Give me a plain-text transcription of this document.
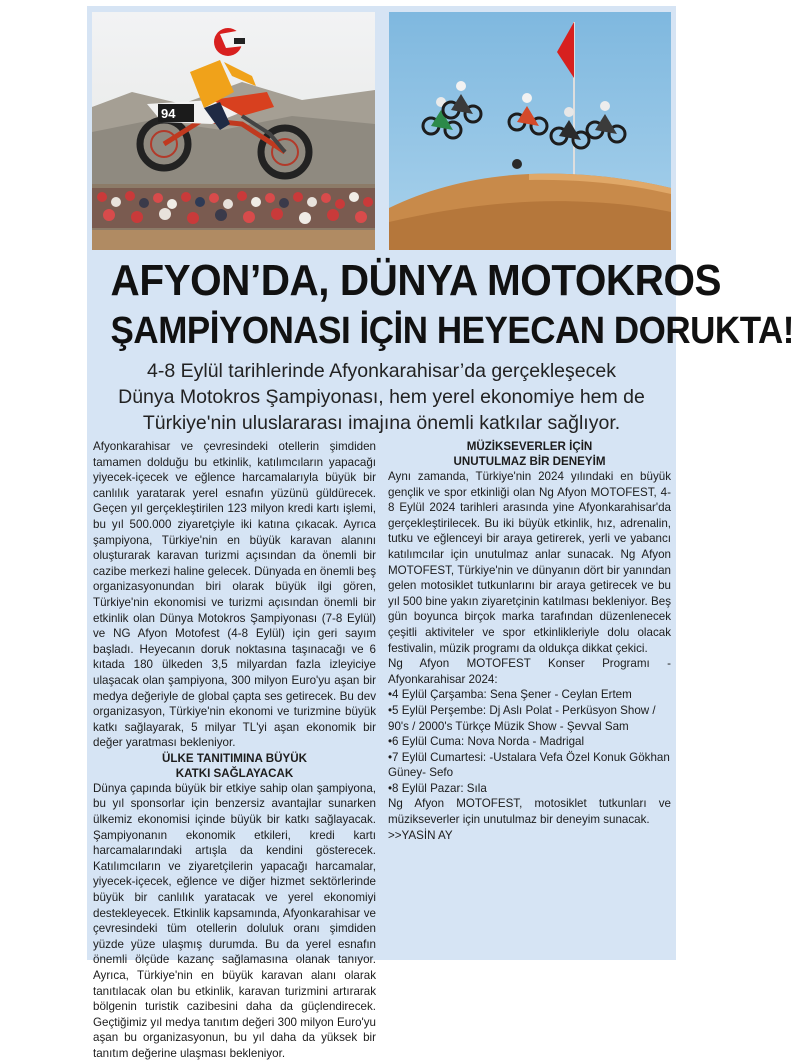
94
AFYON’DA, DÜNYA MOTOKROS
ŞAMPİYONASI İÇİN HEYECAN DORUKTA!
4-8 Eylül tarihlerinde Afyonkarahisar’da gerçekleşecek
Dünya Motokros Şampiyonası, hem yerel ekonomiye hem de
Türkiye'nin uluslararası imajına önemli katkılar sağlıyor.

Afyonkarahisar ve çevresindeki otellerin şimdiden tamamen dolduğu bu etkinlik, katılımcıların yapacağı yiyecek-içecek ve eğlence harcamalarıyla büyük bir canlılık yaratarak yerel esnafın yüzünü güldürecek. Geçen yıl gerçekleştirilen 123 milyon kredi kartı işlemi, bu yıl 500.000 ziyaretçiyle iki katına çıkacak. Ayrıca şampiyona, Türkiye'nin en büyük karavan alanını oluşturarak karavan turizmi açısından da önemli bir cazibe merkezi haline gelecek. Dünyada en önemli beş organizasyonundan biri olarak büyük ilgi gören, Türkiye'nin ekonomisi ve turizmi açısından önemli bir etkinlik olan Dünya Motokros Şampiyonası (7-8 Eylül) ve NG Afyon Motofest (4-8 Eylül) için geri sayım başladı. Heyecanın doruk noktasına taşınacağı ve 6 kıtada 180 ülkeden 3,5 milyardan fazla izleyiciye ulaşacak olan şampiyona, 300 milyon Euro'yu aşan bir medya değeriyle de global çapta ses getirecek. Bu dev organizasyon, Türkiye'nin ekonomi ve turizmine büyük katkı sağlayarak, 5 milyar TL'yi aşan ekonomik bir değer yaratması bekleniyor.

ÜLKE TANITIMINA BÜYÜK
KATKI SAĞLAYACAK

Dünya çapında büyük bir etkiye sahip olan şampiyona, bu yıl sponsorlar için benzersiz avantajlar sunarken ülkemiz ekonomisi içinde büyük bir katkı sağlayacak. Şampiyonanın ekonomik etkileri, kredi kartı harcamalarındaki artışla da kendini gösterecek. Katılımcıların ve ziyaretçilerin yapacağı harcamalar, yiyecek-içecek, eğlence ve diğer hizmet sektörlerinde büyük bir canlılık yaratacak ve yerel ekonomiyi destekleyecek. Etkinlik kapsamında, Afyonkarahisar ve çevresindeki tüm otellerin doluluk oranı şimdiden yüzde yüze ulaşmış durumda. Bu da yerel esnafın önemli ölçüde kazanç sağlamasına olanak tanıyor. Ayrıca, Türkiye'nin en büyük karavan alanı olarak tanıtılacak olan bu etkinlik, karavan turizmini artırarak bölgenin turistik cazibesini daha da güçlendirecek. Geçtiğimiz yıl medya tanıtım değeri 300 milyon Euro'yu aşan bu organizasyonun, bu yıl daha da yüksek bir tanıtım değerine ulaşması bekleniyor.

MÜZİKSEVERLER İÇİN
UNUTULMAZ BİR DENEYİM

Aynı zamanda, Türkiye'nin 2024 yılındaki en büyük gençlik ve spor etkinliği olan Ng Afyon MOTOFEST, 4-8 Eylül 2024 tarihleri arasında yine Afyonkarahisar'da gerçekleştirilecek. Bu iki büyük etkinlik, hız, adrenalin, tutku ve eğlenceyi bir araya getirerek, yerli ve yabancı katılımcılar için unutulmaz anlar sunacak. Ng Afyon MOTOFEST, Türkiye'nin ve dünyanın dört bir yanından gelen motosiklet tutkunlarını bir araya getirecek ve bu yıl 500 bine yakın ziyaretçinin katılması bekleniyor. Beş gün boyunca birçok marka tarafından düzenlenecek çeşitli aktiviteler ve spor etkinlikleriyle dolu olacak festivalin, müzik programı da oldukça dikkat çekici.

Ng Afyon MOTOFEST Konser Programı - Afyonkarahisar 2024:

•4 Eylül Çarşamba: Sena Şener - Ceylan Ertem

•5 Eylül Perşembe: Dj Aslı Polat - Perküsyon Show / 90's / 2000's Türkçe Müzik Show - Şevval Sam

•6 Eylül Cuma: Nova Norda - Madrigal

•7 Eylül Cumartesi: -Ustalara Vefa Özel Konuk Gökhan Güney- Sefo

•8 Eylül Pazar: Sıla

Ng Afyon MOTOFEST, motosiklet tutkunları ve müzikseverler için unutulmaz bir deneyim sunacak.

>>YASİN AY
